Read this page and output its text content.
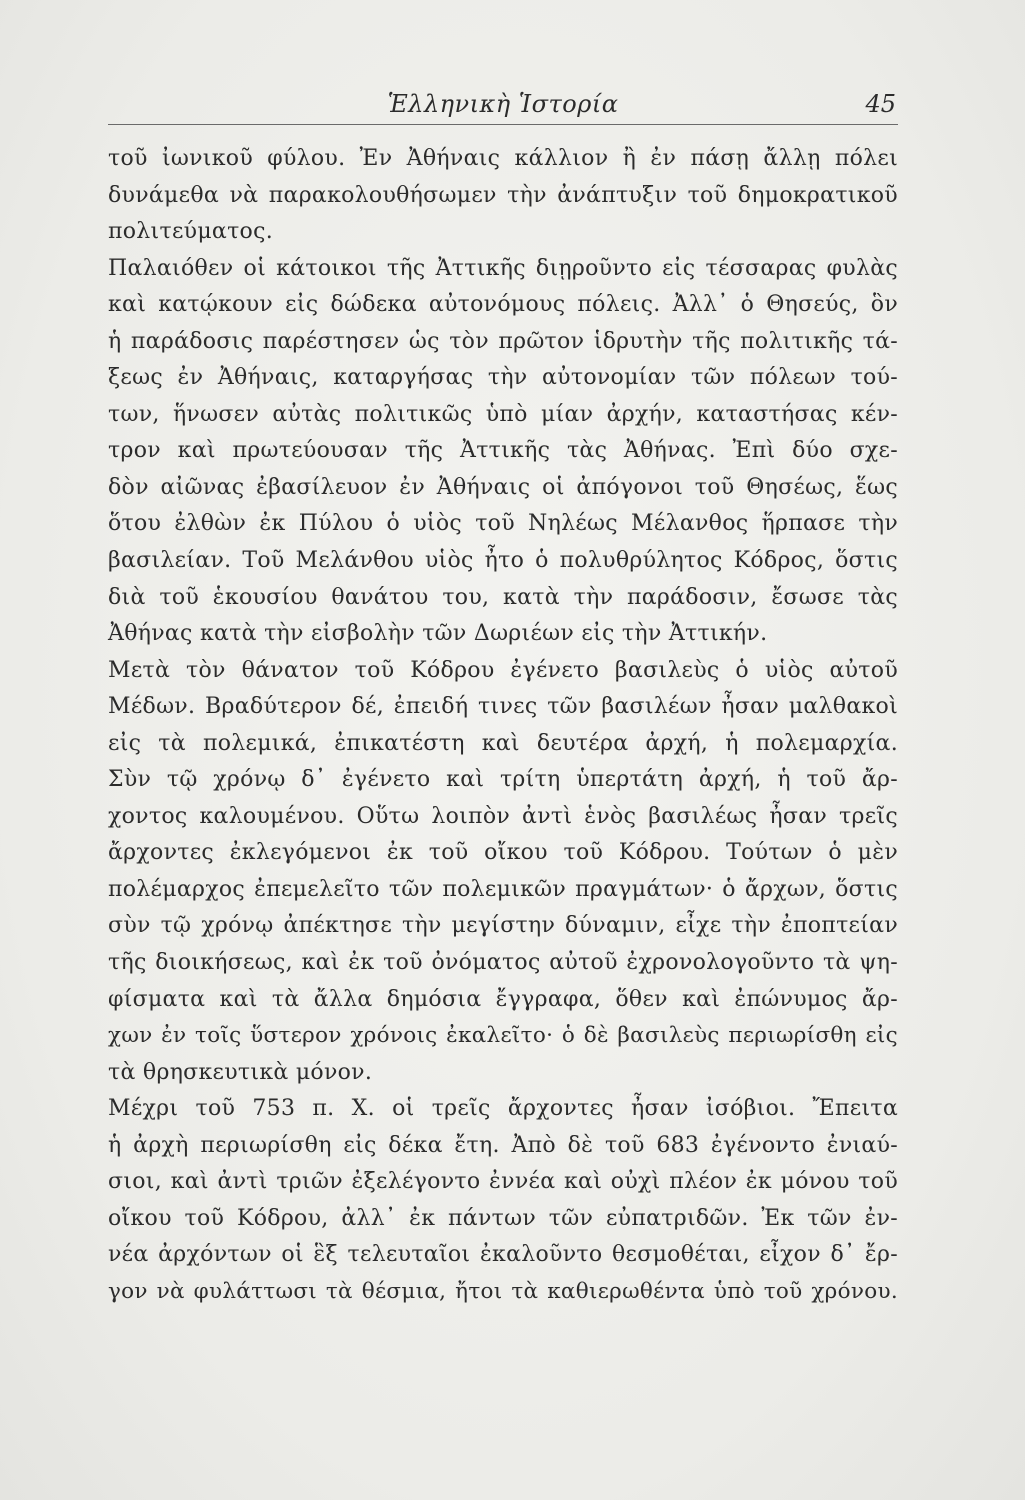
Ἑλληνικὴ Ἱστορία	45
τοῦ ἰωνικοῦ φύλου. Ἐν Ἀθήναις κάλλιον ἢ ἐν πάσῃ ἄλλῃ πόλει
δυνάμεθα νὰ παρακολουθήσωμεν τὴν ἀνάπτυξιν τοῦ δημοκρατικοῦ
πολιτεύματος.
Παλαιόθεν οἱ κάτοικοι τῆς Ἀττικῆς διῃροῦντο εἰς τέσσαρας φυλὰς
καὶ κατῴκουν εἰς δώδεκα αὐτονόμους πόλεις. Ἀλλ᾽ ὁ Θησεύς, ὃν
ἡ παράδοσις παρέστησεν ὡς τὸν πρῶτον ἱδρυτὴν τῆς πολιτικῆς τά-
ξεως ἐν Ἀθήναις, καταργήσας τὴν αὐτονομίαν τῶν πόλεων τού-
των, ἥνωσεν αὐτὰς πολιτικῶς ὑπὸ μίαν ἀρχήν, καταστήσας κέν-
τρον καὶ πρωτεύουσαν τῆς Ἀττικῆς τὰς Ἀθήνας. Ἐπὶ δύο σχε-
δὸν αἰῶνας ἐβασίλευον ἐν Ἀθήναις οἱ ἀπόγονοι τοῦ Θησέως, ἕως
ὅτου ἐλθὼν ἐκ Πύλου ὁ υἱὸς τοῦ Νηλέως Μέλανθος ἥρπασε τὴν
βασιλείαν. Τοῦ Μελάνθου υἱὸς ἦτο ὁ πολυθρύλητος Κόδρος, ὅστις
διὰ τοῦ ἑκουσίου θανάτου του, κατὰ τὴν παράδοσιν, ἔσωσε τὰς
Ἀθήνας κατὰ τὴν εἰσβολὴν τῶν Δωριέων εἰς τὴν Ἀττικήν.
Μετὰ τὸν θάνατον τοῦ Κόδρου ἐγένετο βασιλεὺς ὁ υἱὸς αὐτοῦ
Μέδων. Βραδύτερον δέ, ἐπειδή τινες τῶν βασιλέων ἦσαν μαλθακοὶ
εἰς τὰ πολεμικά, ἐπικατέστη καὶ δευτέρα ἀρχή, ἡ πολεμαρχία.
Σὺν τῷ χρόνῳ δ᾽ ἐγένετο καὶ τρίτη ὑπερτάτη ἀρχή, ἡ τοῦ ἄρ-
χοντος καλουμένου. Οὕτω λοιπὸν ἀντὶ ἑνὸς βασιλέως ἦσαν τρεῖς
ἄρχοντες ἐκλεγόμενοι ἐκ τοῦ οἴκου τοῦ Κόδρου. Τούτων ὁ μὲν
πολέμαρχος ἐπεμελεῖτο τῶν πολεμικῶν πραγμάτων· ὁ ἄρχων, ὅστις
σὺν τῷ χρόνῳ ἀπέκτησε τὴν μεγίστην δύναμιν, εἶχε τὴν ἐποπτείαν
τῆς διοικήσεως, καὶ ἐκ τοῦ ὀνόματος αὐτοῦ ἐχρονολογοῦντο τὰ ψη-
φίσματα καὶ τὰ ἄλλα δημόσια ἔγγραφα, ὅθεν καὶ ἐπώνυμος ἄρ-
χων ἐν τοῖς ὕστερον χρόνοις ἐκαλεῖτο· ὁ δὲ βασιλεὺς περιωρίσθη εἰς
τὰ θρησκευτικὰ μόνον.
Μέχρι τοῦ 753 π. Χ. οἱ τρεῖς ἄρχοντες ἦσαν ἰσόβιοι. Ἔπειτα
ἡ ἀρχὴ περιωρίσθη εἰς δέκα ἔτη. Ἀπὸ δὲ τοῦ 683 ἐγένοντο ἐνιαύ-
σιοι, καὶ ἀντὶ τριῶν ἐξελέγοντο ἐννέα καὶ οὐχὶ πλέον ἐκ μόνου τοῦ
οἴκου τοῦ Κόδρου, ἀλλ᾽ ἐκ πάντων τῶν εὐπατριδῶν. Ἐκ τῶν ἐν-
νέα ἀρχόντων οἱ ἓξ τελευταῖοι ἐκαλοῦντο θεσμοθέται, εἶχον δ᾽ ἔρ-
γον νὰ φυλάττωσι τὰ θέσμια, ἤτοι τὰ καθιερωθέντα ὑπὸ τοῦ χρόνου.
